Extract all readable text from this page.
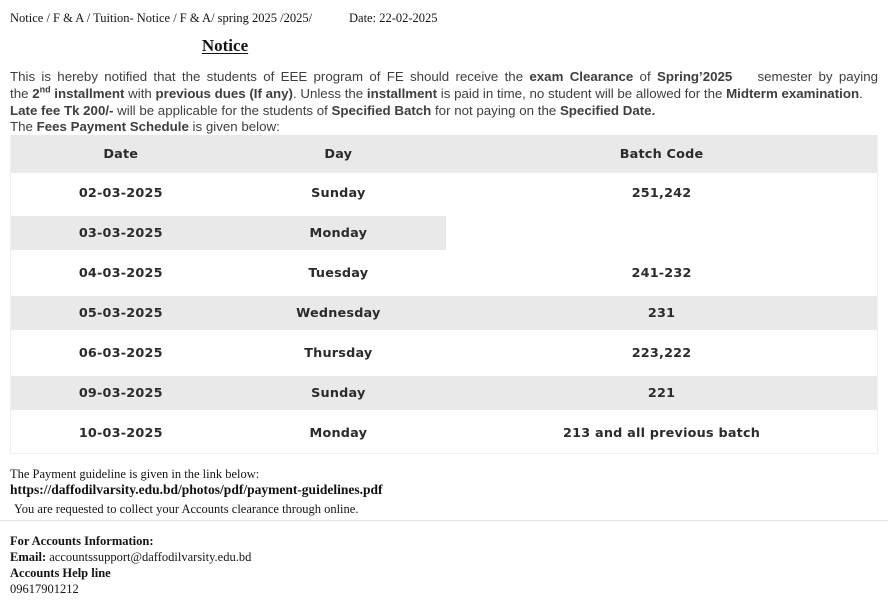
Notice / F & A / Tuition- Notice / F & A/ spring 2025 /2025/	Date: 22-02-2025
Notice
This is hereby notified that the students of EEE program of FE should receive the exam Clearance of Spring’2025    semester by paying
the 2nd installment with previous dues (If any). Unless the installment is paid in time, no student will be allowed for the Midterm examination.
Late fee Tk 200/- will be applicable for the students of Specified Batch for not paying on the Specified Date.
The Fees Payment Schedule is given below:
Date	Day	Batch Code
02-03-2025	Sunday	251,242
03-03-2025	Monday
04-03-2025	Tuesday	241-232
05-03-2025	Wednesday	231
06-03-2025	Thursday	223,222
09-03-2025	Sunday	221
10-03-2025	Monday	213 and all previous batch
The Payment guideline is given in the link below:
https://daffodilvarsity.edu.bd/photos/pdf/payment-guidelines.pdf
You are requested to collect your Accounts clearance through online.
For Accounts Information:
Email: accountssupport@daffodilvarsity.edu.bd
Accounts Help line
09617901212
